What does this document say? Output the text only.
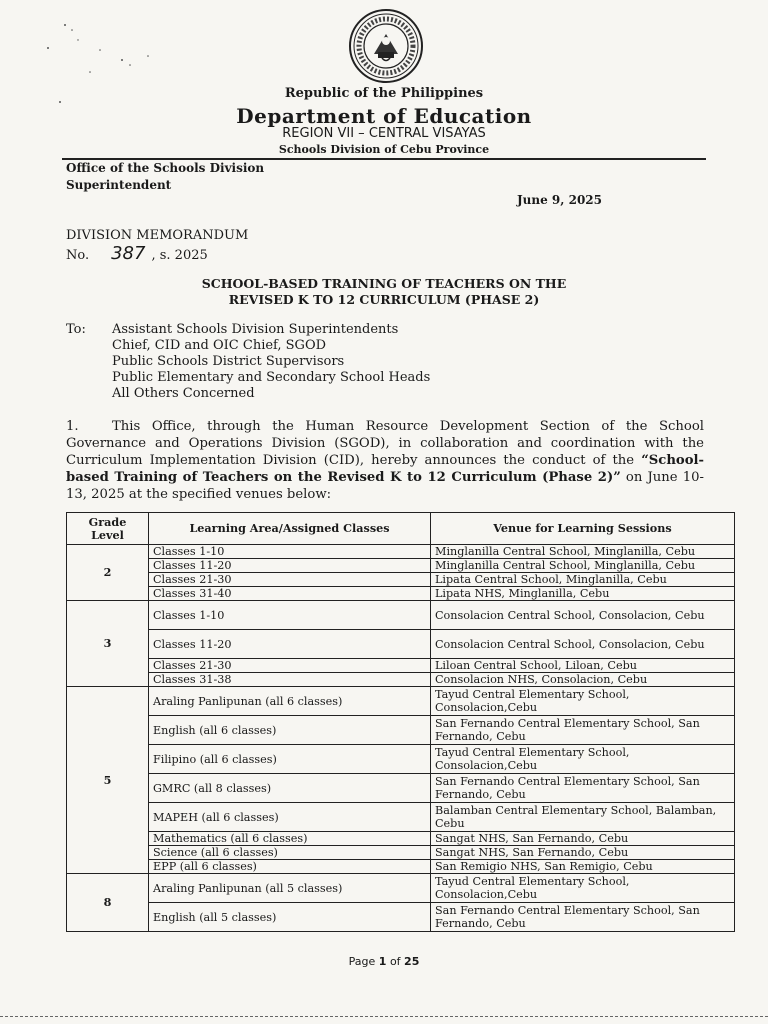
Republic of the Philippines
Department of Education
REGION VII – CENTRAL VISAYAS
Schools Division of Cebu Province
Office of the Schools Division
Superintendent
June 9, 2025
DIVISION MEMORANDUM
No. 387 , s. 2025
SCHOOL-BASED TRAINING OF TEACHERS ON THE
REVISED K TO 12 CURRICULUM (PHASE 2)
To: Assistant Schools Division Superintendents
Chief, CID and OIC Chief, SGOD
Public Schools District Supervisors
Public Elementary and Secondary School Heads
All Others Concerned
1.	This Office, through the Human Resource Development Section of the School Governance and Operations Division (SGOD), in collaboration and coordination with the Curriculum Implementation Division (CID), hereby announces the conduct of the “School-based Training of Teachers on the Revised K to 12 Curriculum (Phase 2)” on June 10-13, 2025 at the specified venues below:
Grade Level	Learning Area/Assigned Classes	Venue for Learning Sessions
2	Classes 1-10	Minglanilla Central School, Minglanilla, Cebu
	Classes 11-20	Minglanilla Central School, Minglanilla, Cebu
	Classes 21-30	Lipata Central School, Minglanilla, Cebu
	Classes 31-40	Lipata NHS, Minglanilla, Cebu
3	Classes 1-10	Consolacion Central School, Consolacion, Cebu
	Classes 11-20	Consolacion Central School, Consolacion, Cebu
	Classes 21-30	Liloan Central School, Liloan, Cebu
	Classes 31-38	Consolacion NHS, Consolacion, Cebu
5	Araling Panlipunan (all 6 classes)	Tayud Central Elementary School, Consolacion,Cebu
	English (all 6 classes)	San Fernando Central Elementary School, San Fernando, Cebu
	Filipino (all 6 classes)	Tayud Central Elementary School, Consolacion,Cebu
	GMRC (all 8 classes)	San Fernando Central Elementary School, San Fernando, Cebu
	MAPEH (all 6 classes)	Balamban Central Elementary School, Balamban, Cebu
	Mathematics (all 6 classes)	Sangat NHS, San Fernando, Cebu
	Science (all 6 classes)	Sangat NHS, San Fernando, Cebu
	EPP (all 6 classes)	San Remigio NHS, San Remigio, Cebu
8	Araling Panlipunan (all 5 classes)	Tayud Central Elementary School, Consolacion,Cebu
	English (all 5 classes)	San Fernando Central Elementary School, San Fernando, Cebu
Page 1 of 25
